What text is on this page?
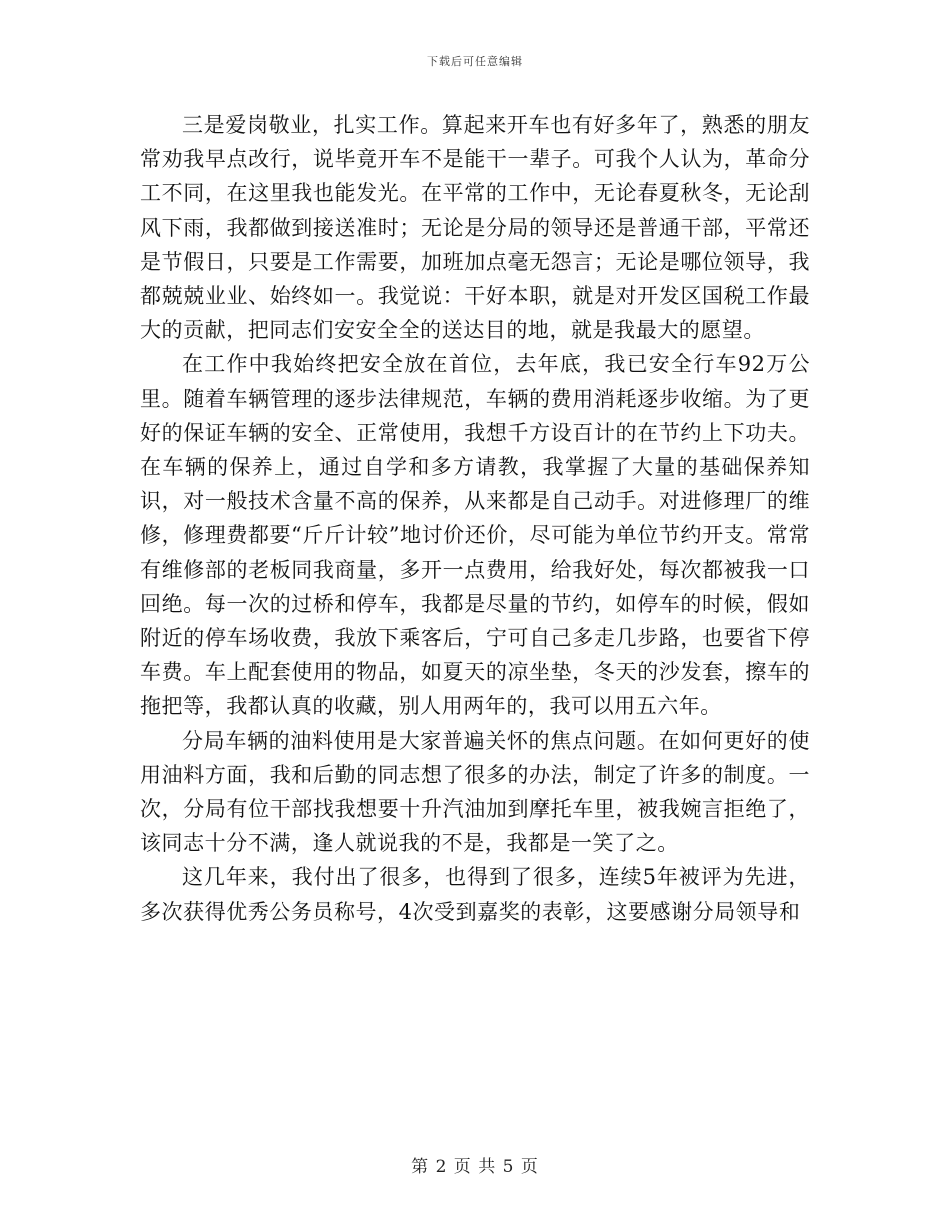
下载后可任意编辑

三是爱岗敬业，扎实工作。算起来开车也有好多年了，熟悉的朋友常劝我早点改行，说毕竟开车不是能干一辈子。可我个人认为，革命分工不同，在这里我也能发光。在平常的工作中，无论春夏秋冬，无论刮风下雨，我都做到接送准时；无论是分局的领导还是普通干部，平常还是节假日，只要是工作需要，加班加点毫无怨言；无论是哪位领导，我都兢兢业业、始终如一。我觉说：干好本职，就是对开发区国税工作最大的贡献，把同志们安安全全的送达目的地，就是我最大的愿望。

在工作中我始终把安全放在首位，去年底，我已安全行车92万公里。随着车辆管理的逐步法律规范，车辆的费用消耗逐步收缩。为了更好的保证车辆的安全、正常使用，我想千方设百计的在节约上下功夫。在车辆的保养上，通过自学和多方请教，我掌握了大量的基础保养知识，对一般技术含量不高的保养，从来都是自己动手。对进修理厂的维修，修理费都要“斤斤计较”地讨价还价，尽可能为单位节约开支。常常有维修部的老板同我商量，多开一点费用，给我好处，每次都被我一口回绝。每一次的过桥和停车，我都是尽量的节约，如停车的时候，假如附近的停车场收费，我放下乘客后，宁可自己多走几步路，也要省下停车费。车上配套使用的物品，如夏天的凉坐垫，冬天的沙发套，擦车的拖把等，我都认真的收藏，别人用两年的，我可以用五六年。

分局车辆的油料使用是大家普遍关怀的焦点问题。在如何更好的使用油料方面，我和后勤的同志想了很多的办法，制定了许多的制度。一次，分局有位干部找我想要十升汽油加到摩托车里，被我婉言拒绝了，该同志十分不满，逢人就说我的不是，我都是一笑了之。

这几年来，我付出了很多，也得到了很多，连续5年被评为先进，多次获得优秀公务员称号，4次受到嘉奖的表彰，这要感谢分局领导和

第 2 页 共 5 页
